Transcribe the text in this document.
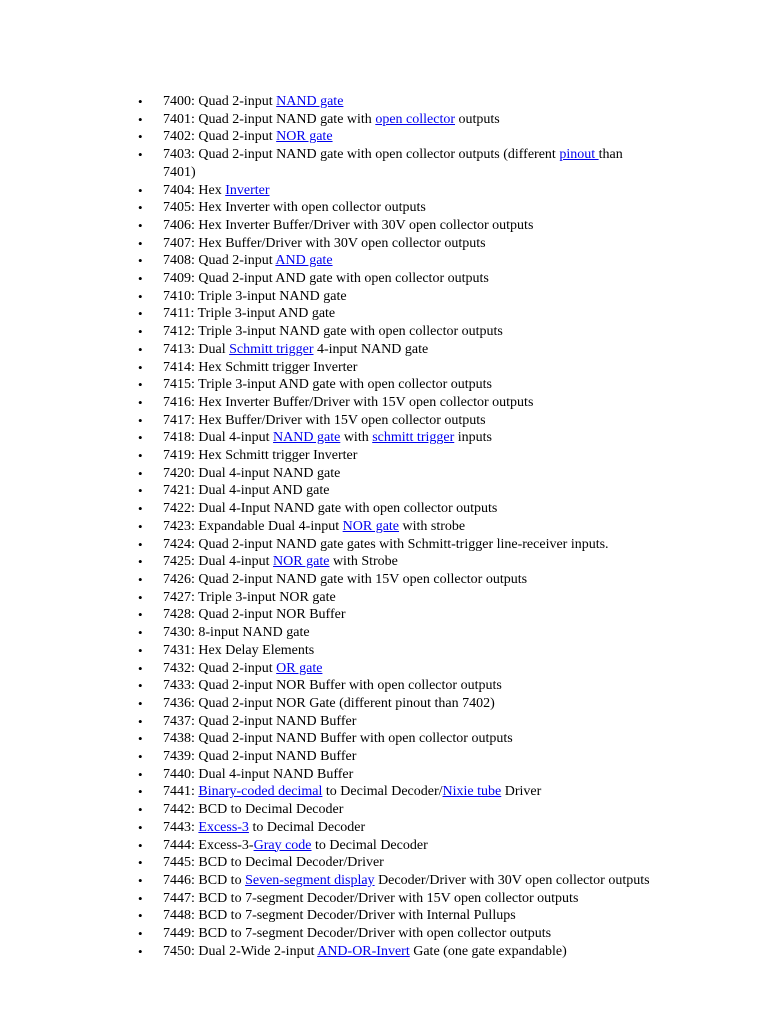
• 7400: Quad 2-input NAND gate
• 7401: Quad 2-input NAND gate with open collector outputs
• 7402: Quad 2-input NOR gate
• 7403: Quad 2-input NAND gate with open collector outputs (different pinout than 7401)
• 7404: Hex Inverter
• 7405: Hex Inverter with open collector outputs
• 7406: Hex Inverter Buffer/Driver with 30V open collector outputs
• 7407: Hex Buffer/Driver with 30V open collector outputs
• 7408: Quad 2-input AND gate
• 7409: Quad 2-input AND gate with open collector outputs
• 7410: Triple 3-input NAND gate
• 7411: Triple 3-input AND gate
• 7412: Triple 3-input NAND gate with open collector outputs
• 7413: Dual Schmitt trigger 4-input NAND gate
• 7414: Hex Schmitt trigger Inverter
• 7415: Triple 3-input AND gate with open collector outputs
• 7416: Hex Inverter Buffer/Driver with 15V open collector outputs
• 7417: Hex Buffer/Driver with 15V open collector outputs
• 7418: Dual 4-input NAND gate with schmitt trigger inputs
• 7419: Hex Schmitt trigger Inverter
• 7420: Dual 4-input NAND gate
• 7421: Dual 4-input AND gate
• 7422: Dual 4-Input NAND gate with open collector outputs
• 7423: Expandable Dual 4-input NOR gate with strobe
• 7424: Quad 2-input NAND gate gates with Schmitt-trigger line-receiver inputs.
• 7425: Dual 4-input NOR gate with Strobe
• 7426: Quad 2-input NAND gate with 15V open collector outputs
• 7427: Triple 3-input NOR gate
• 7428: Quad 2-input NOR Buffer
• 7430: 8-input NAND gate
• 7431: Hex Delay Elements
• 7432: Quad 2-input OR gate
• 7433: Quad 2-input NOR Buffer with open collector outputs
• 7436: Quad 2-input NOR Gate (different pinout than 7402)
• 7437: Quad 2-input NAND Buffer
• 7438: Quad 2-input NAND Buffer with open collector outputs
• 7439: Quad 2-input NAND Buffer
• 7440: Dual 4-input NAND Buffer
• 7441: Binary-coded decimal to Decimal Decoder/Nixie tube Driver
• 7442: BCD to Decimal Decoder
• 7443: Excess-3 to Decimal Decoder
• 7444: Excess-3-Gray code to Decimal Decoder
• 7445: BCD to Decimal Decoder/Driver
• 7446: BCD to Seven-segment display Decoder/Driver with 30V open collector outputs
• 7447: BCD to 7-segment Decoder/Driver with 15V open collector outputs
• 7448: BCD to 7-segment Decoder/Driver with Internal Pullups
• 7449: BCD to 7-segment Decoder/Driver with open collector outputs
• 7450: Dual 2-Wide 2-input AND-OR-Invert Gate (one gate expandable)
